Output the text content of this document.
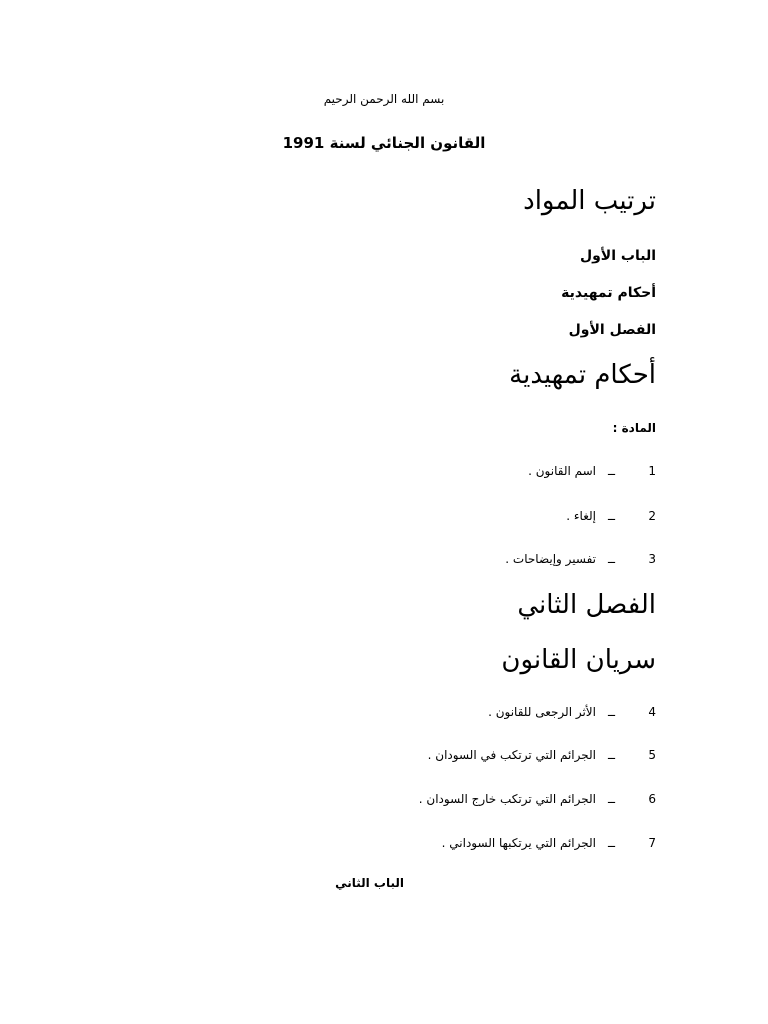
بسم الله الرحمن الرحيم
القانون الجنائي لسنة 1991
ترتيب المواد
الباب الأول
أحكام تمهيدية
الفصل الأول
أحكام تمهيدية
المادة :
1ــاسم القانون .
2ــإلغاء .
3ــتفسير وإيضاحات .
الفصل الثاني
سريان القانون
4ــالأثر الرجعى للقانون .
5ــالجرائم التي ترتكب في السودان .
6ــالجرائم التي ترتكب خارج السودان .
7ــالجرائم التي يرتكبها السوداني .
الباب الثاني
